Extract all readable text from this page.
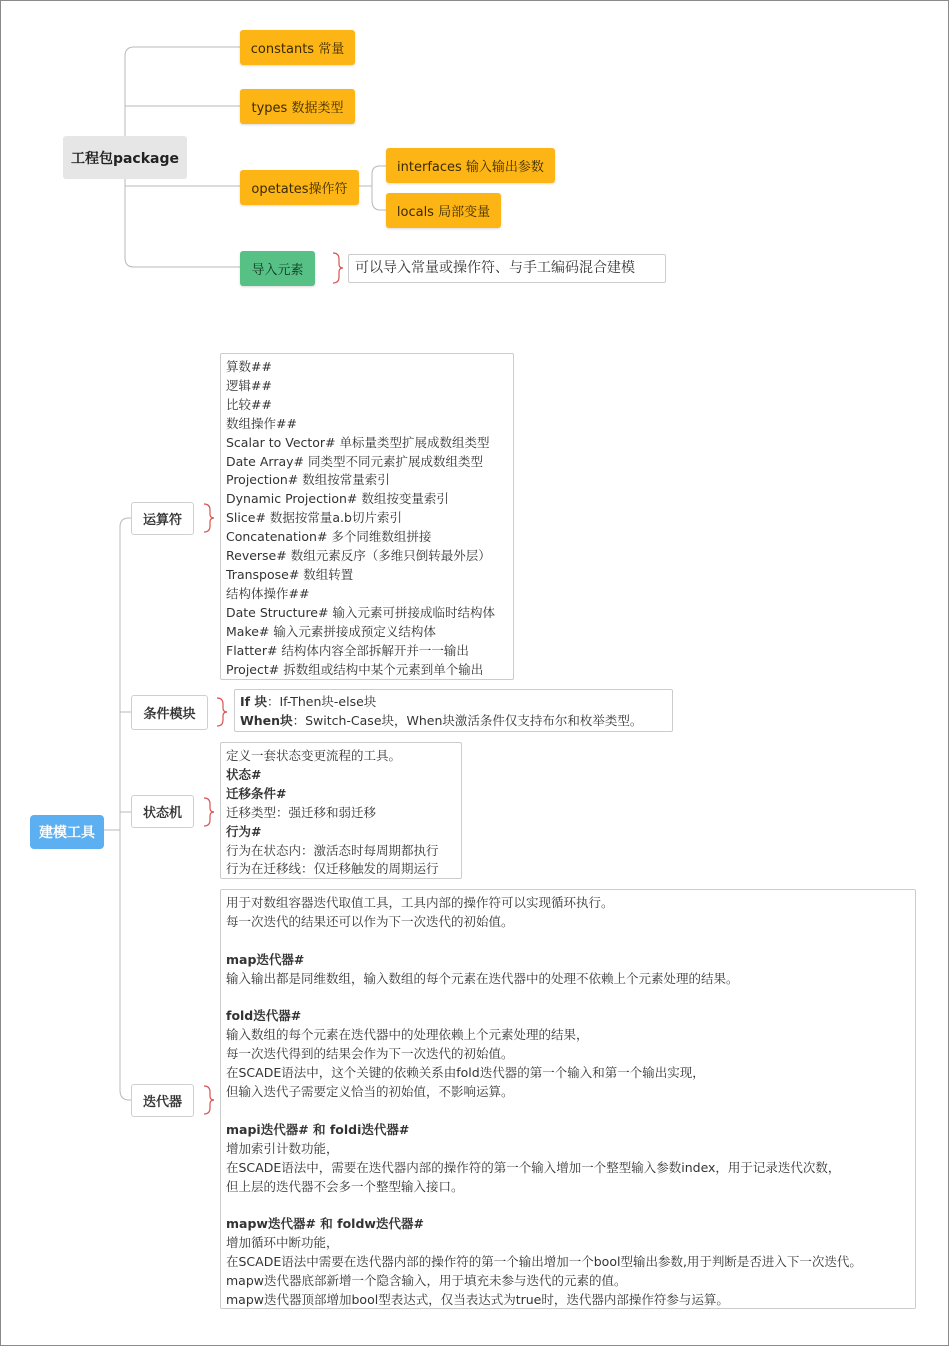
工程包package
constants 常量
types 数据类型
opetates操作符
interfaces 输入输出参数
locals 局部变量
导入元素	可以导入常量或操作符、与手工编码混合建模
建模工具
运算符
条件模块
状态机
迭代器
算数##
逻辑##
比较##
数组操作##
Scalar to Vector# 单标量类型扩展成数组类型
Date Array# 同类型不同元素扩展成数组类型
Projection# 数组按常量索引
Dynamic Projection# 数组按变量索引
Slice# 数据按常量a.b切片索引
Concatenation# 多个同维数组拼接
Reverse# 数组元素反序（多维只倒转最外层）
Transpose# 数组转置
结构体操作##
Date Structure# 输入元素可拼接成临时结构体
Make# 输入元素拼接成预定义结构体
Flatter# 结构体内容全部拆解开并一一输出
Project# 拆数组或结构中某个元素到单个输出
If 块：If-Then块-else块
When块：Switch-Case块，When块激活条件仅支持布尔和枚举类型。
定义一套状态变更流程的工具。
状态#
迁移条件#
迁移类型：强迁移和弱迁移
行为#
行为在状态内：激活态时每周期都执行
行为在迁移线：仅迁移触发的周期运行
用于对数组容器迭代取值工具，工具内部的操作符可以实现循环执行。
每一次迭代的结果还可以作为下一次迭代的初始值。
map迭代器#
输入输出都是同维数组，输入数组的每个元素在迭代器中的处理不依赖上个元素处理的结果。
fold迭代器#
输入数组的每个元素在迭代器中的处理依赖上个元素处理的结果，
每一次迭代得到的结果会作为下一次迭代的初始值。
在SCADE语法中，这个关键的依赖关系由fold迭代器的第一个输入和第一个输出实现，
但输入迭代子需要定义恰当的初始值，不影响运算。
mapi迭代器# 和 foldi迭代器#
增加索引计数功能，
在SCADE语法中，需要在迭代器内部的操作符的第一个输入增加一个整型输入参数index，用于记录迭代次数，
但上层的迭代器不会多一个整型输入接口。
mapw迭代器# 和 foldw迭代器#
增加循环中断功能，
在SCADE语法中需要在迭代器内部的操作符的第一个输出增加一个bool型输出参数,用于判断是否进入下一次迭代。
mapw迭代器底部新增一个隐含输入，用于填充未参与迭代的元素的值。
mapw迭代器顶部增加bool型表达式，仅当表达式为true时，迭代器内部操作符参与运算。
